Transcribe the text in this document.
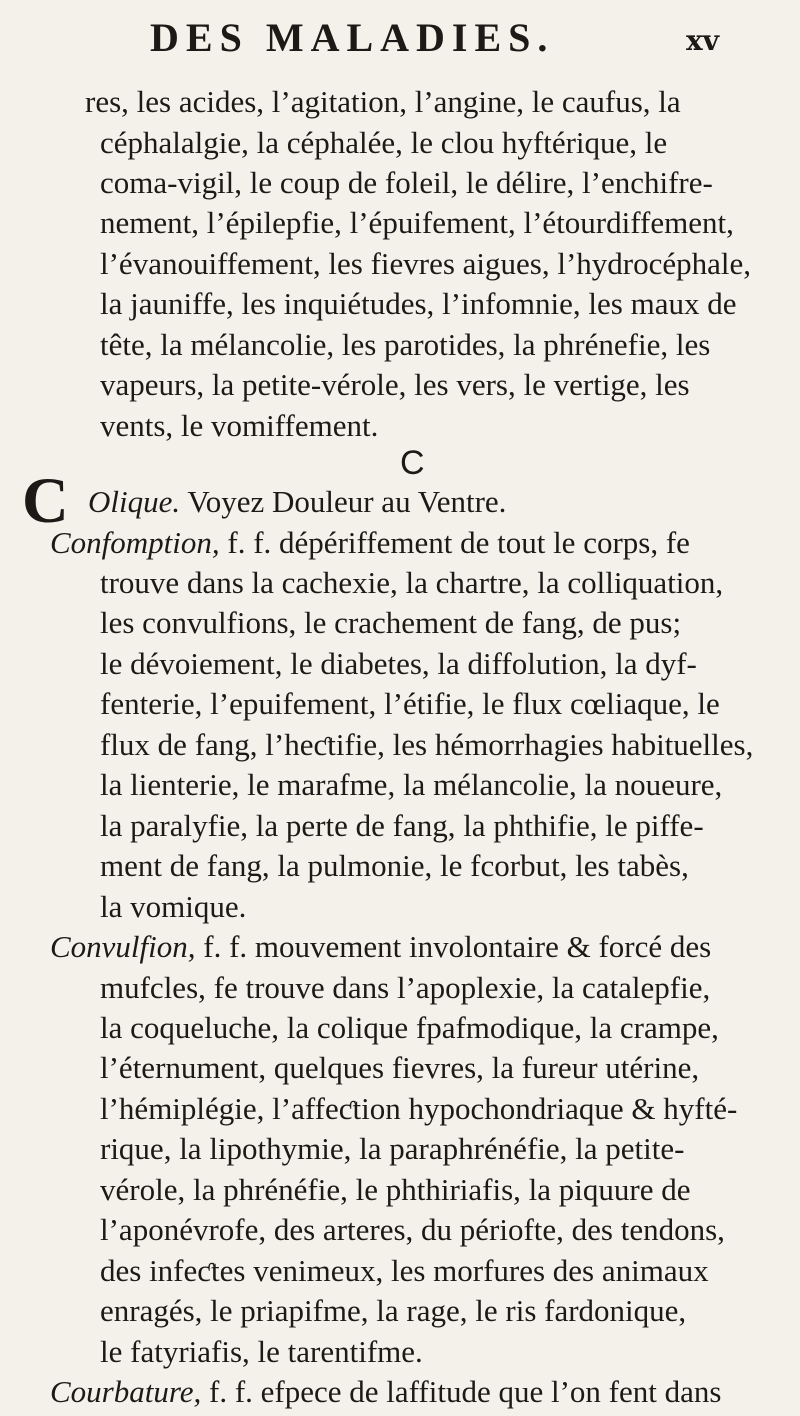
DES MALADIES.	xv
res, les acides, l’agitation, l’angine, le caufus, la
céphalalgie, la céphalée, le clou hyftérique, le
coma-vigil, le coup de foleil, le délire, l’enchifre-
nement, l’épilepfie, l’épuifement, l’étourdiffement,
l’évanouiffement, les fievres aigues, l’hydrocéphale,
la jauniffe, les inquiétudes, l’infomnie, les maux de
tête, la mélancolie, les parotides, la phrénefie, les
vapeurs, la petite-vérole, les vers, le vertige, les
vents, le vomiffement.
C
C Olique. Voyez Douleur au Ventre.
Confomption, f. f. dépériffement de tout le corps, fe
trouve dans la cachexie, la chartre, la colliquation,
les convulfions, le crachement de fang, de pus;
le dévoiement, le diabetes, la diffolution, la dyf-
fenterie, l’epuifement, l’étifie, le flux cœliaque, le
flux de fang, l’heƈtifie, les hémorrhagies habituelles,
la lienterie, le marafme, la mélancolie, la noueure,
la paralyfie, la perte de fang, la phthifie, le piffe-
ment de fang, la pulmonie, le fcorbut, les tabès,
la vomique.
Convulfion, f. f. mouvement involontaire & forcé des
mufcles, fe trouve dans l’apoplexie, la catalepfie,
la coqueluche, la colique fpafmodique, la crampe,
l’éternument, quelques fievres, la fureur utérine,
l’hémiplégie, l’affeƈtion hypochondriaque & hyfté-
rique, la lipothymie, la paraphrénéfie, la petite-
vérole, la phrénéfie, le phthiriafis, la piquure de
l’aponévrofe, des arteres, du périofte, des tendons,
des infeƈtes venimeux, les morfures des animaux
enragés, le priapifme, la rage, le ris fardonique,
le fatyriafis, le tarentifme.
Courbature, f. f. efpece de laffitude que l’on fent dans
